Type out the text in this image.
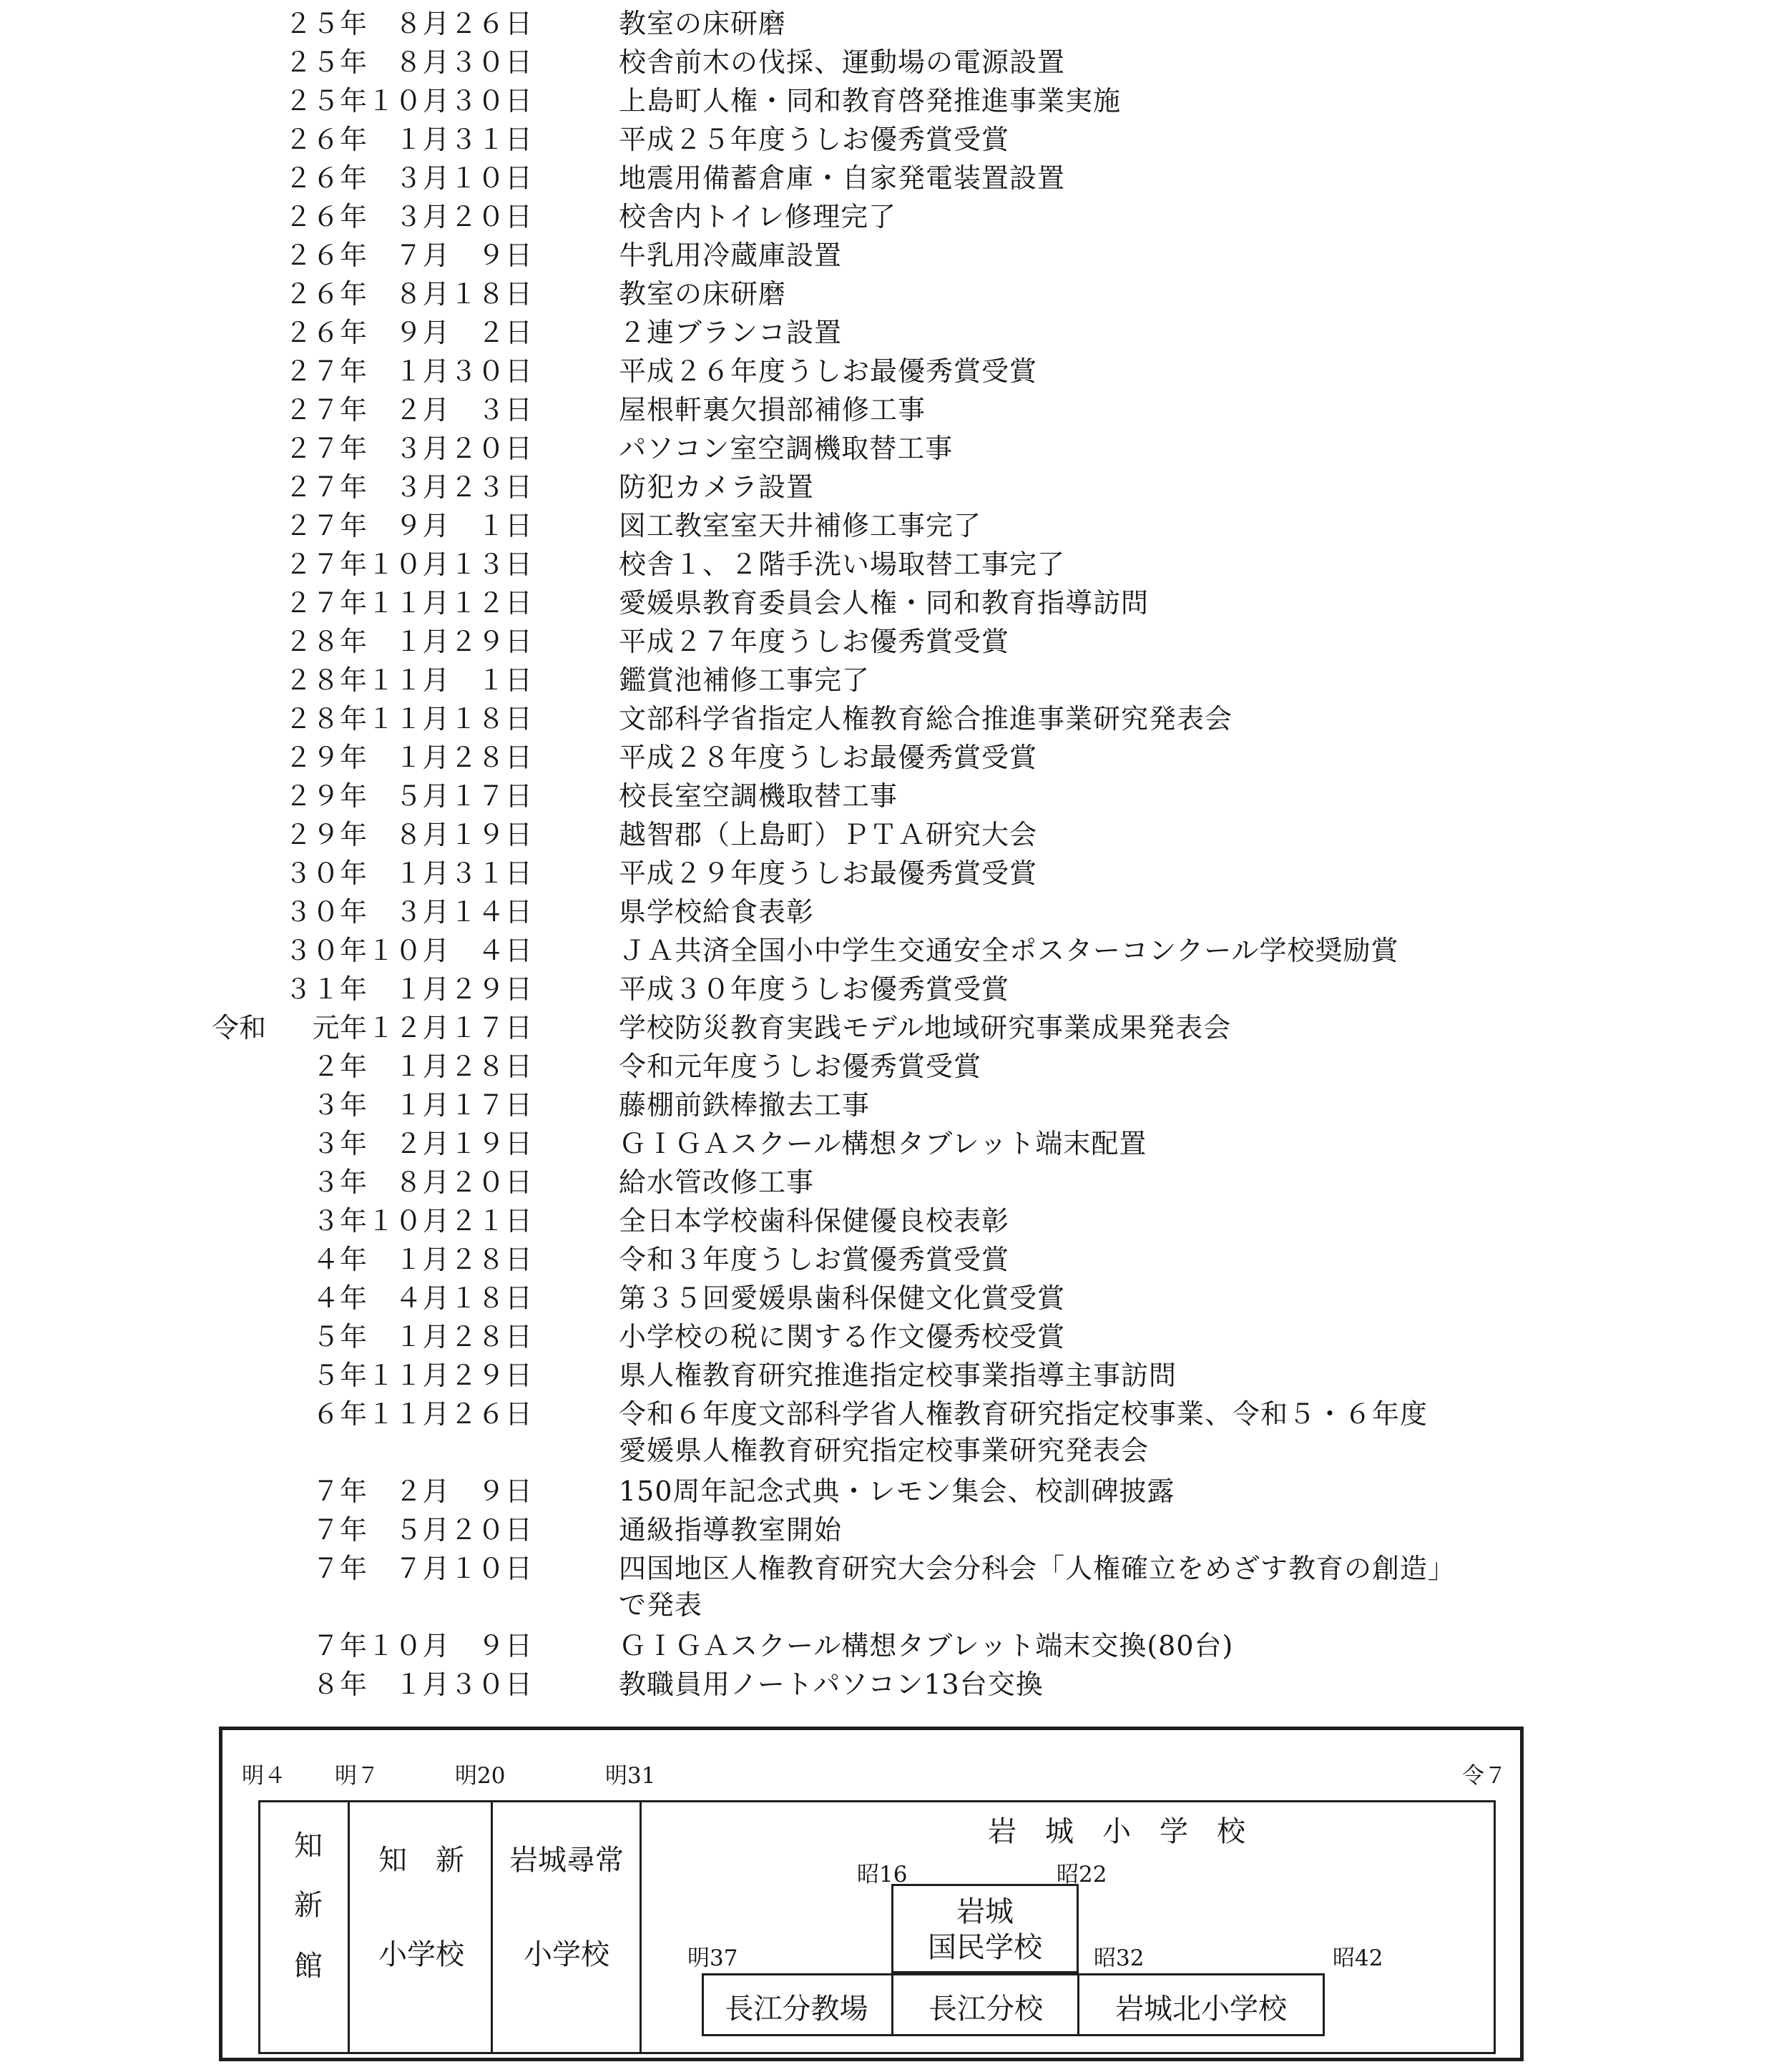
２５年　８月２６日	教室の床研磨
２５年　８月３０日	校舎前木の伐採、運動場の電源設置
２５年１０月３０日	上島町人権・同和教育啓発推進事業実施
２６年　１月３１日	平成２５年度うしお優秀賞受賞
２６年　３月１０日	地震用備蓄倉庫・自家発電装置設置
２６年　３月２０日	校舎内トイレ修理完了
２６年　７月　９日	牛乳用冷蔵庫設置
２６年　８月１８日	教室の床研磨
２６年　９月　２日	２連ブランコ設置
２７年　１月３０日	平成２６年度うしお最優秀賞受賞
２７年　２月　３日	屋根軒裏欠損部補修工事
２７年　３月２０日	パソコン室空調機取替工事
２７年　３月２３日	防犯カメラ設置
２７年　９月　１日	図工教室室天井補修工事完了
２７年１０月１３日	校舎１、２階手洗い場取替工事完了
２７年１１月１２日	愛媛県教育委員会人権・同和教育指導訪問
２８年　１月２９日	平成２７年度うしお優秀賞受賞
２８年１１月　１日	鑑賞池補修工事完了
２８年１１月１８日	文部科学省指定人権教育総合推進事業研究発表会
２９年　１月２８日	平成２８年度うしお最優秀賞受賞
２９年　５月１７日	校長室空調機取替工事
２９年　８月１９日	越智郡（上島町）ＰＴＡ研究大会
３０年　１月３１日	平成２９年度うしお最優秀賞受賞
３０年　３月１４日	県学校給食表彰
３０年１０月　４日	ＪＡ共済全国小中学生交通安全ポスターコンクール学校奨励賞
３１年　１月２９日	平成３０年度うしお優秀賞受賞
令和 　元年１２月１７日	学校防災教育実践モデル地域研究事業成果発表会
　２年　１月２８日	令和元年度うしお優秀賞受賞
　３年　１月１７日	藤棚前鉄棒撤去工事
　３年　２月１９日	ＧＩＧＡスクール構想タブレット端末配置
　３年　８月２０日	給水管改修工事
　３年１０月２１日	全日本学校歯科保健優良校表彰
　４年　１月２８日	令和３年度うしお賞優秀賞受賞
　４年　４月１８日	第３５回愛媛県歯科保健文化賞受賞
　５年　１月２８日	小学校の税に関する作文優秀校受賞
　５年１１月２９日	県人権教育研究推進指定校事業指導主事訪問
　６年１１月２６日	令和６年度文部科学省人権教育研究指定校事業、令和５・６年度
愛媛県人権教育研究指定校事業研究発表会
　７年　２月　９日	150周年記念式典・レモン集会、校訓碑披露
　７年　５月２０日	通級指導教室開始
　７年　７月１０日	四国地区人権教育研究大会分科会「人権確立をめざす教育の創造」
で発表
　７年１０月　９日	ＧＩＧＡスクール構想タブレット端末交換(80台)
　８年　１月３０日	教職員用ノートパソコン13台交換
明４ 明７	明20	明31	令７
知
新
館
知　新
小学校
岩城尋常
小学校
岩　城　小　学　校
昭16	昭22
岩城
国民学校
明37	昭32	昭42
長江分教場	長江分校	岩城北小学校
